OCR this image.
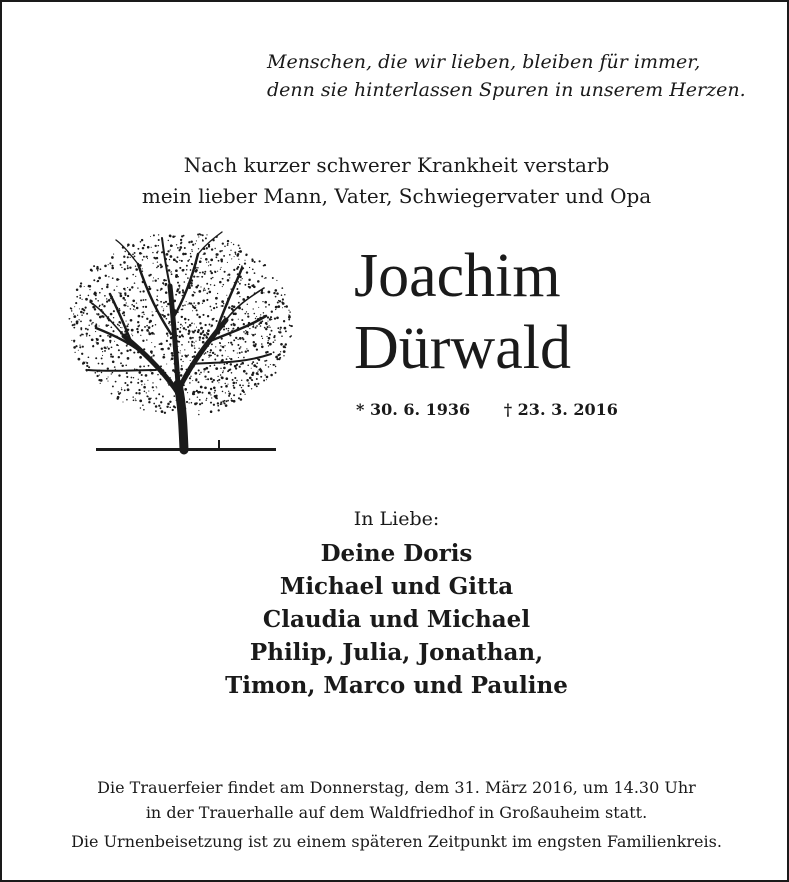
Menschen, die wir lieben, bleiben für immer,
denn sie hinterlassen Spuren in unserem Herzen.
Nach kurzer schwerer Krankheit verstarb
mein lieber Mann, Vater, Schwiegervater und Opa
Joachim
Dürwald
* 30. 6. 1936 † 23. 3. 2016
In Liebe:
Deine Doris
Michael und Gitta
Claudia und Michael
Philip, Julia, Jonathan,
Timon, Marco und Pauline
Die Trauerfeier findet am Donnerstag, dem 31. März 2016, um 14.30 Uhr
in der Trauerhalle auf dem Waldfriedhof in Großauheim statt.
Die Urnenbeisetzung ist zu einem späteren Zeitpunkt im engsten Familienkreis.
